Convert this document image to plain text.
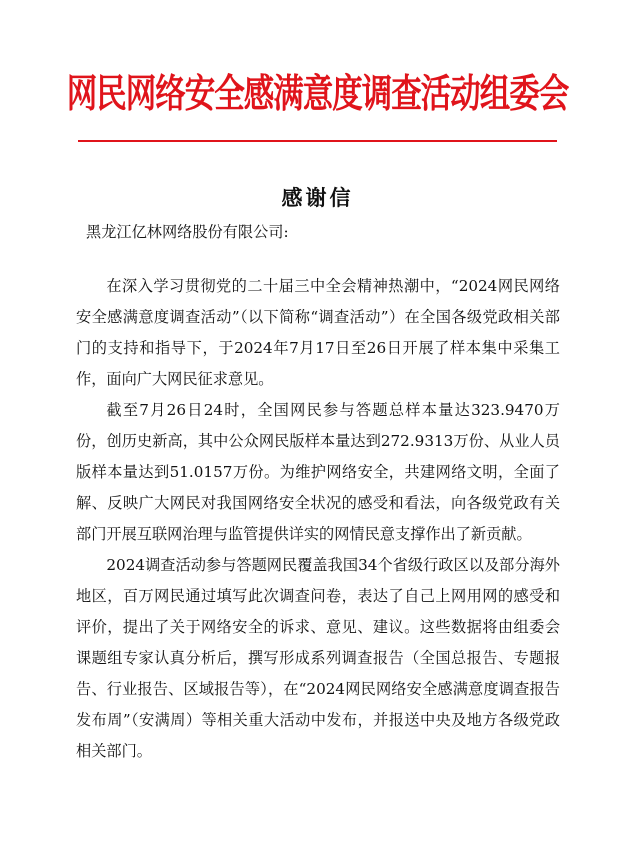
网民网络安全感满意度调查活动组委会
感谢信
黑龙江亿林网络股份有限公司:

在深入学习贯彻党的二十届三中全会精神热潮中，“2024网民网络安全感满意度调查活动”（以下简称“调查活动”）在全国各级党政相关部门的支持和指导下，于2024年7月17日至26日开展了样本集中采集工作，面向广大网民征求意见。

截至7月26日24时，全国网民参与答题总样本量达323.9470万份，创历史新高，其中公众网民版样本量达到272.9313万份、从业人员版样本量达到51.0157万份。为维护网络安全，共建网络文明，全面了解、反映广大网民对我国网络安全状况的感受和看法，向各级党政有关部门开展互联网治理与监管提供详实的网情民意支撑作出了新贡献。

2024调查活动参与答题网民覆盖我国34个省级行政区以及部分海外地区，百万网民通过填写此次调查问卷，表达了自己上网用网的感受和评价，提出了关于网络安全的诉求、意见、建议。这些数据将由组委会课题组专家认真分析后，撰写形成系列调查报告（全国总报告、专题报告、行业报告、区域报告等），在“2024网民网络安全感满意度调查报告发布周”（安满周）等相关重大活动中发布，并报送中央及地方各级党政相关部门。
